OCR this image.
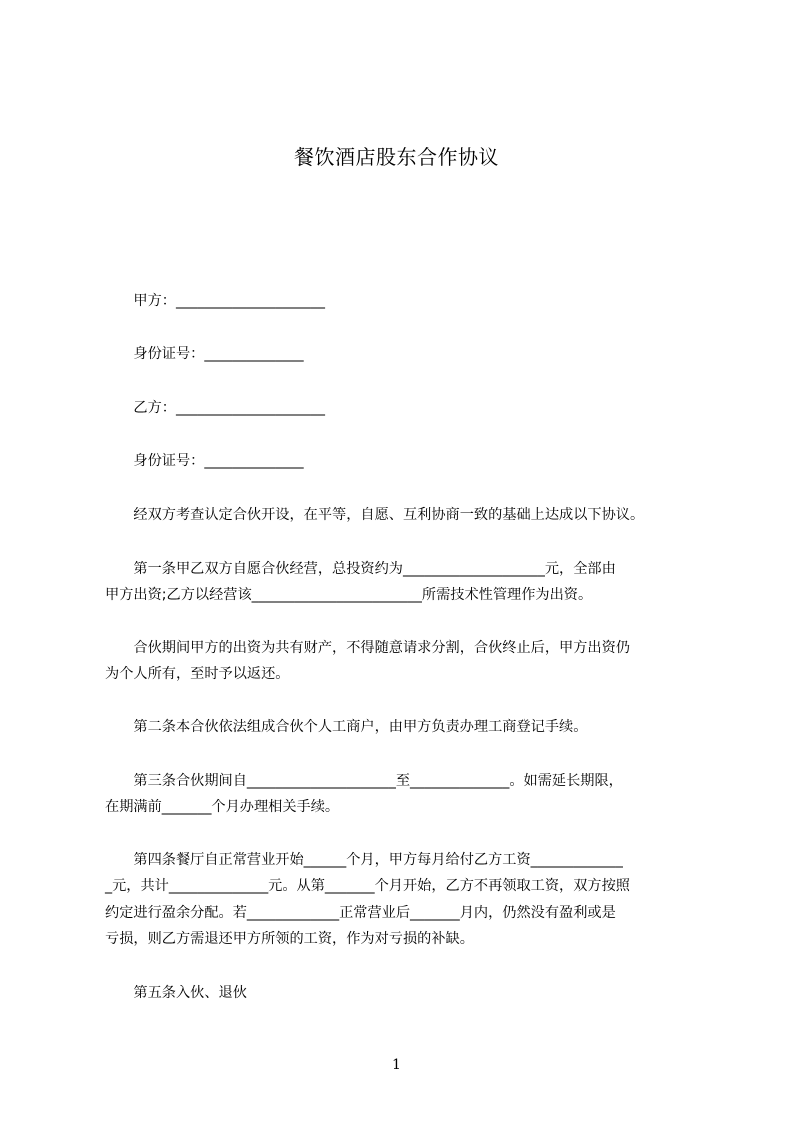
餐饮酒店股东合作协议
　　甲方：_____________________
　　身份证号：______________
　　乙方：_____________________
　　身份证号：______________
　　经双方考查认定合伙开设，在平等，自愿、互利协商一致的基础上达成以下协议。
　　第一条甲乙双方自愿合伙经营，总投资约为____________________元，全部由
甲方出资;乙方以经营该________________________所需技术性管理作为出资。
　　合伙期间甲方的出资为共有财产，不得随意请求分割，合伙终止后，甲方出资仍
为个人所有，至时予以返还。
　　第二条本合伙依法组成合伙个人工商户，由甲方负责办理工商登记手续。
　　第三条合伙期间自_____________________至______________。如需延长期限，
在期满前_______个月办理相关手续。
　　第四条餐厅自正常营业开始______个月，甲方每月给付乙方工资_____________
_元，共计______________元。从第_______个月开始，乙方不再领取工资，双方按照
约定进行盈余分配。若_____________正常营业后_______月内，仍然没有盈利或是
亏损，则乙方需退还甲方所领的工资，作为对亏损的补缺。
　　第五条入伙、退伙
1
